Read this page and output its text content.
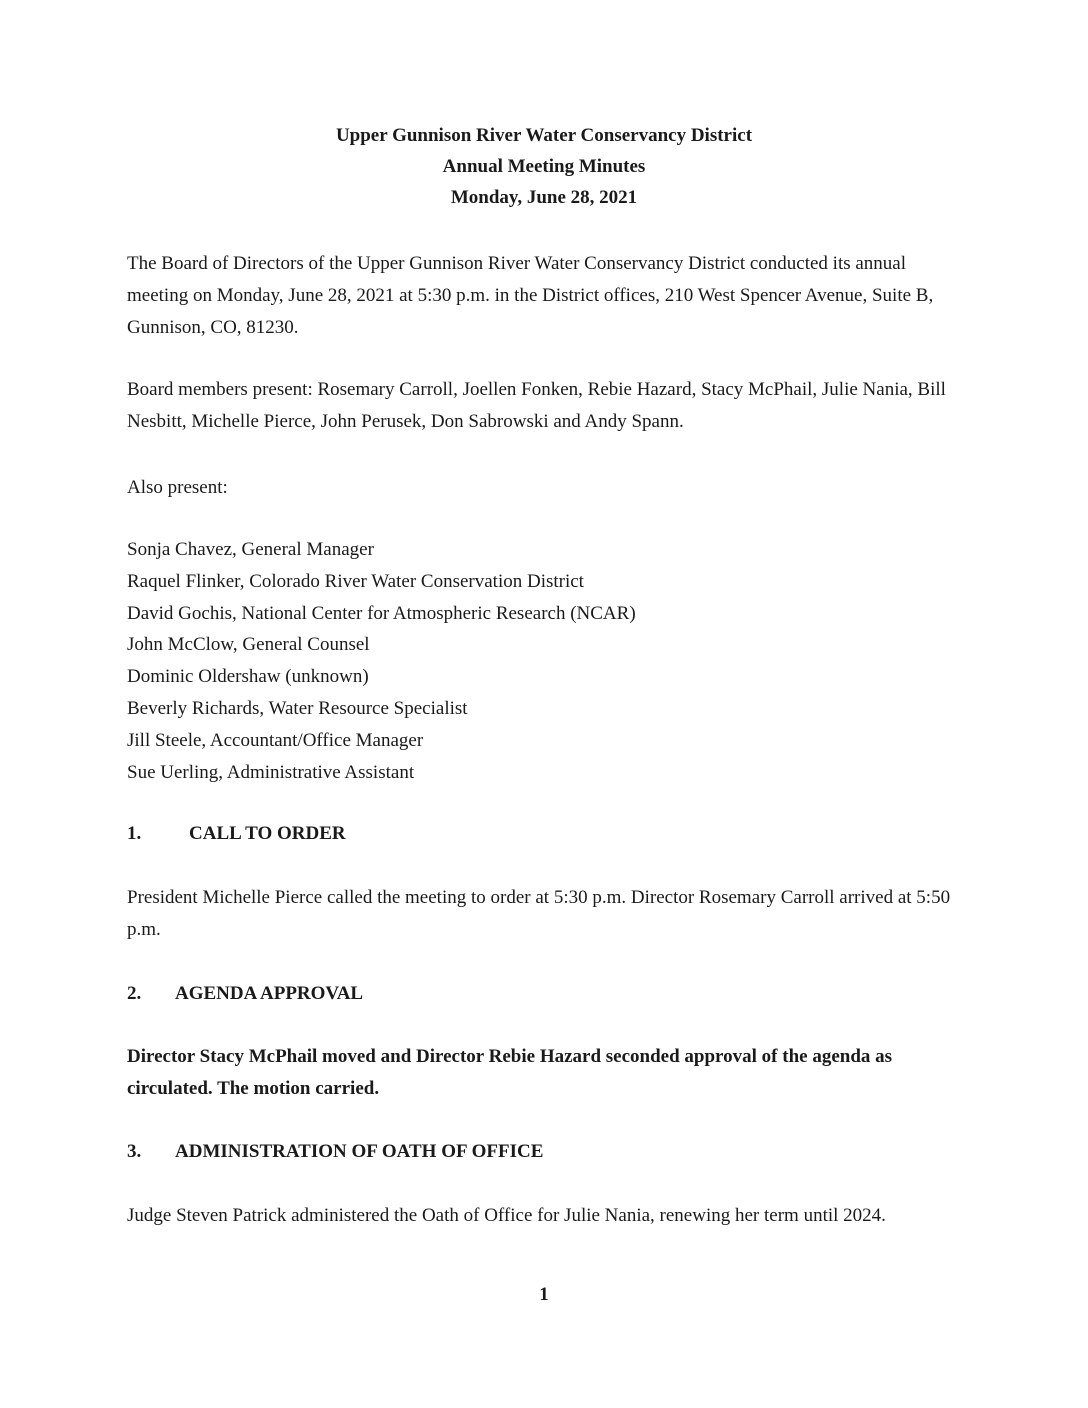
Upper Gunnison River Water Conservancy District
Annual Meeting Minutes
Monday, June 28, 2021

The Board of Directors of the Upper Gunnison River Water Conservancy District conducted its annual meeting on Monday, June 28, 2021 at 5:30 p.m. in the District offices, 210 West Spencer Avenue, Suite B, Gunnison, CO, 81230.

Board members present: Rosemary Carroll, Joellen Fonken, Rebie Hazard, Stacy McPhail, Julie Nania, Bill Nesbitt, Michelle Pierce, John Perusek, Don Sabrowski and Andy Spann.

Also present:

Sonja Chavez, General Manager
Raquel Flinker, Colorado River Water Conservation District
David Gochis, National Center for Atmospheric Research (NCAR)
John McClow, General Counsel
Dominic Oldershaw (unknown)
Beverly Richards, Water Resource Specialist
Jill Steele, Accountant/Office Manager
Sue Uerling, Administrative Assistant
1.	CALL TO ORDER

President Michelle Pierce called the meeting to order at 5:30 p.m. Director Rosemary Carroll arrived at 5:50 p.m.

2. AGENDA APPROVAL

Director Stacy McPhail moved and Director Rebie Hazard seconded approval of the agenda as circulated. The motion carried.

3. ADMINISTRATION OF OATH OF OFFICE

Judge Steven Patrick administered the Oath of Office for Julie Nania, renewing her term until 2024.

1
